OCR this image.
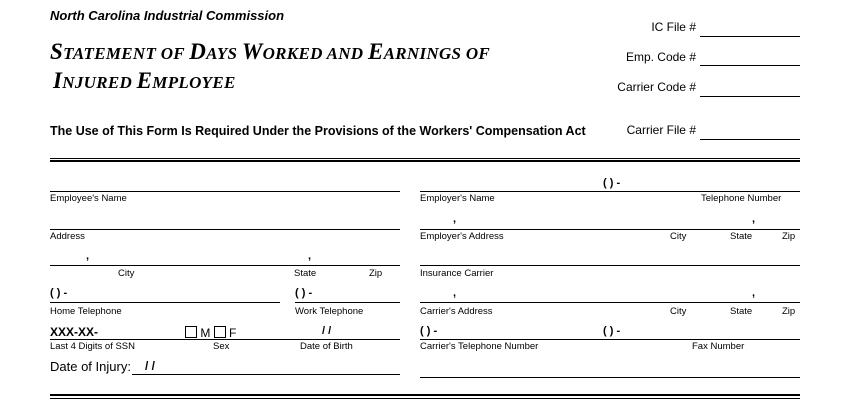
North Carolina Industrial Commission
STATEMENT OF DAYS WORKED AND EARNINGS OF
INJURED EMPLOYEE
The Use of This Form Is Required Under the Provisions of the Workers' Compensation Act
IC File #
Emp. Code #
Carrier Code #
Carrier File #
Employee's Name
Address
,	,
City	State	Zip
( ) -	( ) -
Home Telephone	Work Telephone
XXX-XX-	M F	/ /
Last 4 Digits of SSN	Sex	Date of Birth
Date of Injury: / /
( ) -
Employer's Name	Telephone Number
,	,
Employer's Address	City	State	Zip
Insurance Carrier
,	,
Carrier's Address	City	State	Zip
( ) -	( ) -
Carrier's Telephone Number	Fax Number
